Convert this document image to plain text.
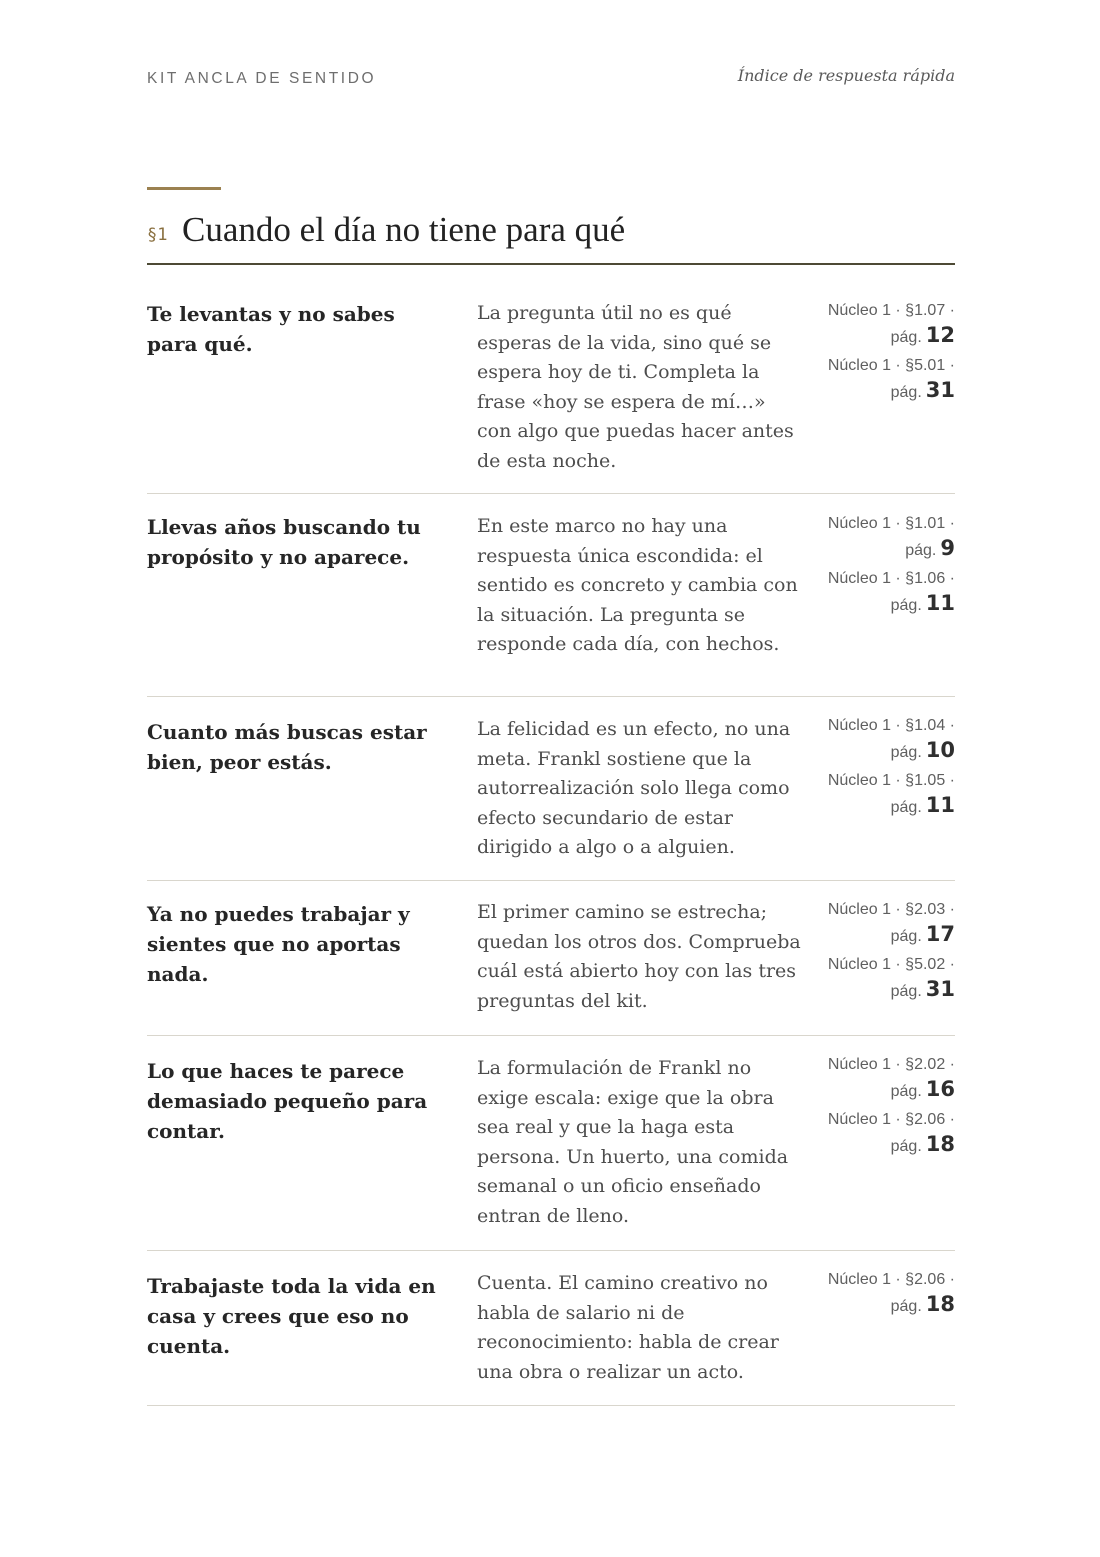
KIT ANCLA DE SENTIDO	Índice de respuesta rápida
§1 Cuando el día no tiene para qué
Te levantas y no sabes para qué.
La pregunta útil no es qué esperas de la vida, sino qué se espera hoy de ti. Completa la frase «hoy se espera de mí…» con algo que puedas hacer antes de esta noche.
Núcleo 1 · §1.07 ·
pág. 12
Núcleo 1 · §5.01 ·
pág. 31
Llevas años buscando tu propósito y no aparece.
En este marco no hay una respuesta única escondida: el sentido es concreto y cambia con la situación. La pregunta se responde cada día, con hechos.
Núcleo 1 · §1.01 ·
pág. 9
Núcleo 1 · §1.06 ·
pág. 11
Cuanto más buscas estar bien, peor estás.
La felicidad es un efecto, no una meta. Frankl sostiene que la autorrealización solo llega como efecto secundario de estar dirigido a algo o a alguien.
Núcleo 1 · §1.04 ·
pág. 10
Núcleo 1 · §1.05 ·
pág. 11
Ya no puedes trabajar y sientes que no aportas nada.
El primer camino se estrecha; quedan los otros dos. Comprueba cuál está abierto hoy con las tres preguntas del kit.
Núcleo 1 · §2.03 ·
pág. 17
Núcleo 1 · §5.02 ·
pág. 31
Lo que haces te parece demasiado pequeño para contar.
La formulación de Frankl no exige escala: exige que la obra sea real y que la haga esta persona. Un huerto, una comida semanal o un oficio enseñado entran de lleno.
Núcleo 1 · §2.02 ·
pág. 16
Núcleo 1 · §2.06 ·
pág. 18
Trabajaste toda la vida en casa y crees que eso no cuenta.
Cuenta. El camino creativo no habla de salario ni de reconocimiento: habla de crear una obra o realizar un acto.
Núcleo 1 · §2.06 ·
pág. 18
